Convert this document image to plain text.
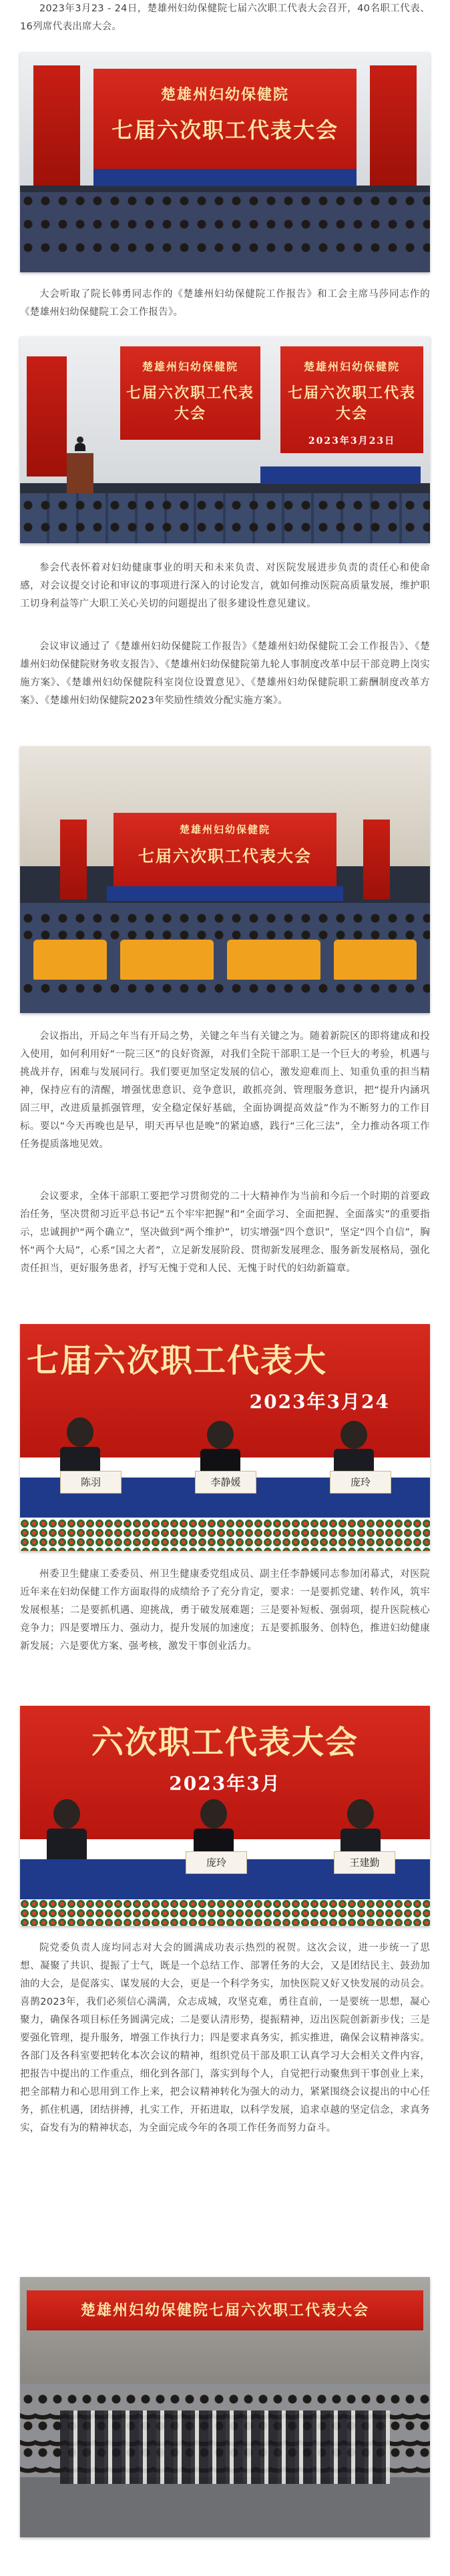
2023年3月23 - 24日，楚雄州妇幼保健院七届六次职工代表大会召开，40名职工代表、16列席代表出席大会。

楚雄州妇幼保健院
七届六次职工代表大会

大会听取了院长韩勇同志作的《楚雄州妇幼保健院工作报告》和工会主席马莎同志作的《楚雄州妇幼保健院工会工作报告》。

楚雄州妇幼保健院
七届六次职工代表大会
楚雄州妇幼保健院
七届六次职工代表大会
2023年3月23日

参会代表怀着对妇幼健康事业的明天和未来负责、对医院发展进步负责的责任心和使命感，对会议提交讨论和审议的事项进行深入的讨论发言，就如何推动医院高质量发展，维护职工切身利益等广大职工关心关切的问题提出了很多建设性意见建议。

会议审议通过了《楚雄州妇幼保健院工作报告》《楚雄州妇幼保健院工会工作报告》、《楚雄州妇幼保健院财务收支报告》、《楚雄州妇幼保健院第九轮人事制度改革中层干部竞聘上岗实施方案》、《楚雄州妇幼保健院科室岗位设置意见》、《楚雄州妇幼保健院职工薪酬制度改革方案》、《楚雄州妇幼保健院2023年奖励性绩效分配实施方案》。

楚雄州妇幼保健院
七届六次职工代表大会

会议指出，开局之年当有开局之势，关键之年当有关键之为。随着新院区的即将建成和投入使用，如何利用好“一院三区”的良好资源，对我们全院干部职工是一个巨大的考验，机遇与挑战并存，困难与发展同行。我们要更加坚定发展的信心，激发迎难而上、知重负重的担当精神，保持应有的清醒，增强忧患意识、竞争意识，敢抓亮剑、管理服务意识，把“提升内涵巩固三甲，改进质量抓强管理，安全稳定保好基础，全面协调提高效益”作为不断努力的工作目标。要以“今天再晚也是早，明天再早也是晚”的紧迫感，践行“三化三法”，全力推动各项工作任务提质落地见效。

会议要求，全体干部职工要把学习贯彻党的二十大精神作为当前和今后一个时期的首要政治任务，坚决贯彻习近平总书记“五个牢牢把握”和“全面学习、全面把握、全面落实”的重要指示，忠诚拥护“两个确立”，坚决做到“两个维护”，切实增强“四个意识”，坚定“四个自信”，胸怀“两个大局”，心系“国之大者”，立足新发展阶段、贯彻新发展理念、服务新发展格局，强化责任担当，更好服务患者，抒写无愧于党和人民、无愧于时代的妇幼新篇章。

七届六次职工代表大
2023年3月24
陈羽	李静媛	庞玲

州委卫生健康工委委员、州卫生健康委党组成员、副主任李静媛同志参加闭幕式，对医院近年来在妇幼保健工作方面取得的成绩给予了充分肯定，要求：一是要抓党建、转作风，筑牢发展根基；二是要抓机遇、迎挑战，勇于破发展难题；三是要补短板、强弱项，提升医院核心竞争力；四是要增压力、强动力，提升发展的加速度；五是要抓服务、创特色，推进妇幼健康新发展；六是要优方案、强考核，激发干事创业活力。

六次职工代表大会
2023年3月
庞玲	王建勤

院党委负责人庞均同志对大会的圆满成功表示热烈的祝贺。这次会议，进一步统一了思想、凝聚了共识、提振了士气，既是一个总结工作、部署任务的大会，又是团结民主、鼓劲加油的大会，是促落实、谋发展的大会，更是一个科学务实，加快医院又好又快发展的动员会。喜鹊2023年，我们必须信心满满，众志成城，攻坚克难，勇往直前，一是要统一思想，凝心聚力，确保各项目标任务圆满完成；二是要认清形势，提振精神，迈出医院创新新步伐；三是要强化管理，提升服务，增强工作执行力；四是要求真务实，抓实推进，确保会议精神落实。各部门及各科室要把转化本次会议的精神，组织党员干部及职工认真学习大会相关文件内容，把报告中提出的工作重点，细化到各部门，落实到每个人，自觉把行动聚焦到干事创业上来，把全部精力和心思用到工作上来，把会议精神转化为强大的动力，紧紧围绕会议提出的中心任务，抓住机遇，团结拼搏，扎实工作，开拓进取，以科学发展，追求卓越的坚定信念，求真务实，奋发有为的精神状态，为全面完成今年的各项工作任务而努力奋斗。

楚雄州妇幼保健院七届六次职工代表大会
